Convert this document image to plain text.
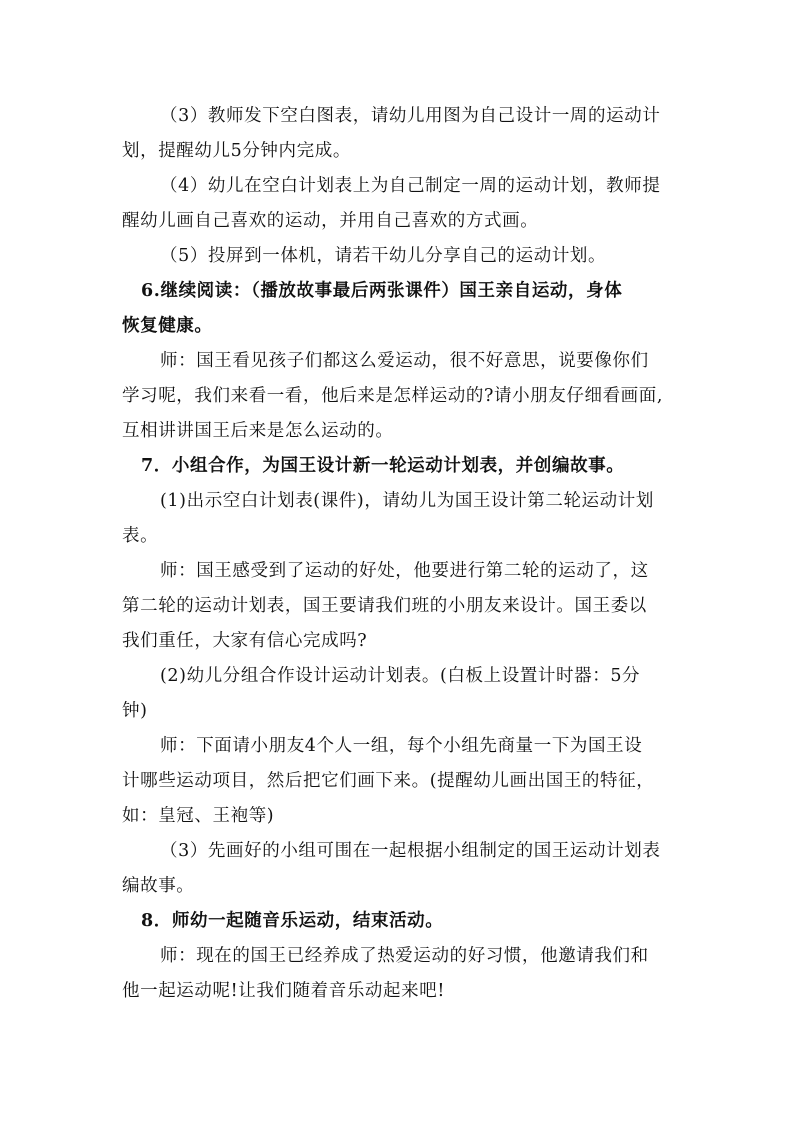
（3）教师发下空白图表，请幼儿用图为自己设计一周的运动计
划，提醒幼儿5分钟内完成。
（4）幼儿在空白计划表上为自己制定一周的运动计划，教师提
醒幼儿画自己喜欢的运动，并用自己喜欢的方式画。
（5）投屏到一体机，请若干幼儿分享自己的运动计划。
6.继续阅读：（播放故事最后两张课件）国王亲自运动，身体
恢复健康。
师：国王看见孩子们都这么爱运动，很不好意思，说要像你们
学习呢，我们来看一看，他后来是怎样运动的?请小朋友仔细看画面,
互相讲讲国王后来是怎么运动的。
7．小组合作，为国王设计新一轮运动计划表，并创编故事。
(1)出示空白计划表(课件)，请幼儿为国王设计第二轮运动计划
表。
师：国王感受到了运动的好处，他要进行第二轮的运动了，这
第二轮的运动计划表，国王要请我们班的小朋友来设计。国王委以
我们重任，大家有信心完成吗?
(2)幼儿分组合作设计运动计划表。(白板上设置计时器：5分
钟)
师：下面请小朋友4个人一组，每个小组先商量一下为国王设
计哪些运动项目，然后把它们画下来。(提醒幼儿画出国王的特征，
如：皇冠、王袍等)
（3）先画好的小组可围在一起根据小组制定的国王运动计划表
编故事。
8．师幼一起随音乐运动，结束活动。
师：现在的国王已经养成了热爱运动的好习惯，他邀请我们和
他一起运动呢!让我们随着音乐动起来吧!
